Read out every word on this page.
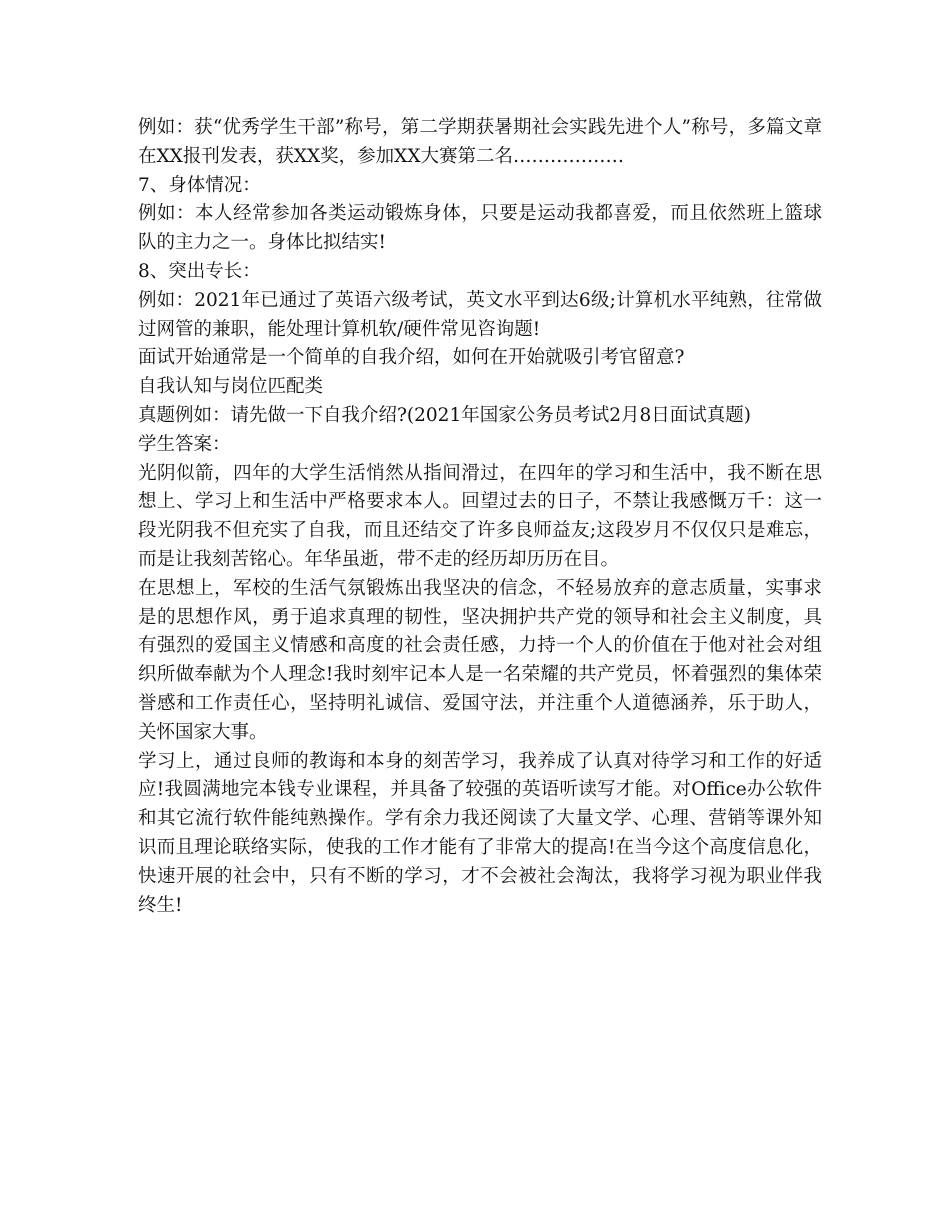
例如：获“优秀学生干部”称号，第二学期获暑期社会实践先进个人”称号，多篇文章在XX报刊发表，获XX奖，参加XX大赛第二名………………

7、身体情况：

例如：本人经常参加各类运动锻炼身体，只要是运动我都喜爱，而且依然班上篮球队的主力之一。身体比拟结实!

8、突出专长：

例如：2021年已通过了英语六级考试，英文水平到达6级;计算机水平纯熟，往常做过网管的兼职，能处理计算机软/硬件常见咨询题!

面试开始通常是一个简单的自我介绍，如何在开始就吸引考官留意?

自我认知与岗位匹配类

真题例如：请先做一下自我介绍?(2021年国家公务员考试2月8日面试真题)

学生答案：

光阴似箭，四年的大学生活悄然从指间滑过，在四年的学习和生活中，我不断在思想上、学习上和生活中严格要求本人。回望过去的日子，不禁让我感慨万千：这一段光阴我不但充实了自我，而且还结交了许多良师益友;这段岁月不仅仅只是难忘，而是让我刻苦铭心。年华虽逝，带不走的经历却历历在目。

在思想上，军校的生活气氛锻炼出我坚决的信念，不轻易放弃的意志质量，实事求是的思想作风，勇于追求真理的韧性，坚决拥护共产党的领导和社会主义制度，具有强烈的爱国主义情感和高度的社会责任感，力持一个人的价值在于他对社会对组织所做奉献为个人理念!我时刻牢记本人是一名荣耀的共产党员，怀着强烈的集体荣誉感和工作责任心，坚持明礼诚信、爱国守法，并注重个人道德涵养，乐于助人，关怀国家大事。

学习上，通过良师的教诲和本身的刻苦学习，我养成了认真对待学习和工作的好适应!我圆满地完本钱专业课程，并具备了较强的英语听读写才能。对Office办公软件和其它流行软件能纯熟操作。学有余力我还阅读了大量文学、心理、营销等课外知识而且理论联络实际，使我的工作才能有了非常大的提高!在当今这个高度信息化，快速开展的社会中，只有不断的学习，才不会被社会淘汰，我将学习视为职业伴我终生!
